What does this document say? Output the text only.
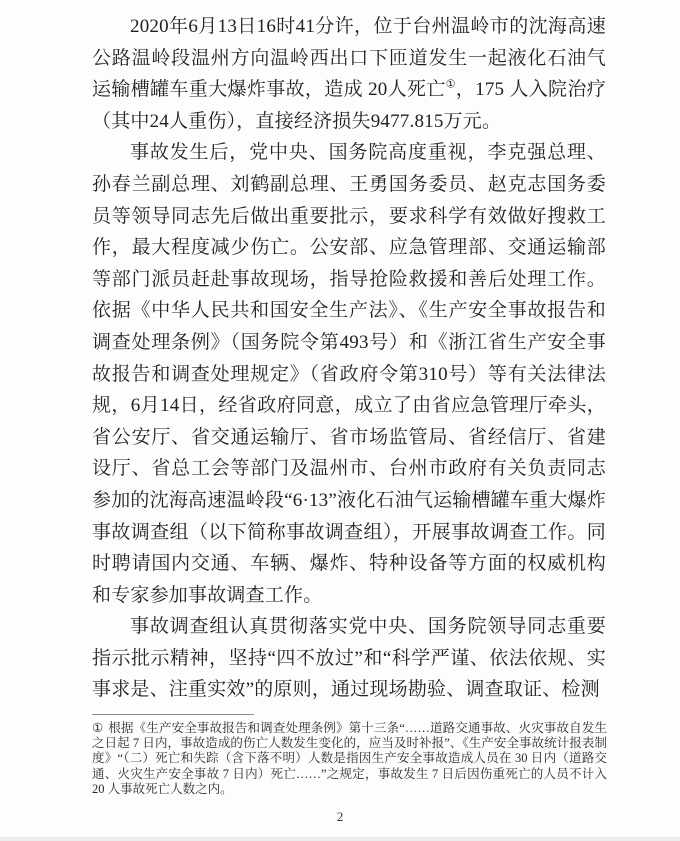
2020年6月13日16时41分许，位于台州温岭市的沈海高速公路温岭段温州方向温岭西出口下匝道发生一起液化石油气运输槽罐车重大爆炸事故，造成 20人死亡①，175 人入院治疗（其中24人重伤），直接经济损失9477.815万元。

事故发生后，党中央、国务院高度重视，李克强总理、孙春兰副总理、刘鹤副总理、王勇国务委员、赵克志国务委员等领导同志先后做出重要批示，要求科学有效做好搜救工作，最大程度减少伤亡。公安部、应急管理部、交通运输部等部门派员赶赴事故现场，指导抢险救援和善后处理工作。依据《中华人民共和国安全生产法》、《生产安全事故报告和调查处理条例》（国务院令第493号）和《浙江省生产安全事故报告和调查处理规定》（省政府令第310号）等有关法律法规，6月14日，经省政府同意，成立了由省应急管理厅牵头，省公安厅、省交通运输厅、省市场监管局、省经信厅、省建设厅、省总工会等部门及温州市、台州市政府有关负责同志参加的沈海高速温岭段“6·13”液化石油气运输槽罐车重大爆炸事故调查组（以下简称事故调查组），开展事故调查工作。同时聘请国内交通、车辆、爆炸、特种设备等方面的权威机构和专家参加事故调查工作。

事故调查组认真贯彻落实党中央、国务院领导同志重要指示批示精神，坚持“四不放过”和“科学严谨、依法依规、实事求是、注重实效”的原则，通过现场勘验、调查取证、检测

① 根据《生产安全事故报告和调查处理条例》第十三条“……道路交通事故、火灾事故自发生之日起 7 日内，事故造成的伤亡人数发生变化的，应当及时补报”、《生产安全事故统计报表制度》“（二）死亡和失踪（含下落不明）人数是指因生产安全事故造成人员在 30 日内（道路交通、火灾生产安全事故 7 日内）死亡……”之规定，事故发生 7 日后因伤重死亡的人员不计入 20 人事故死亡人数之内。

2
